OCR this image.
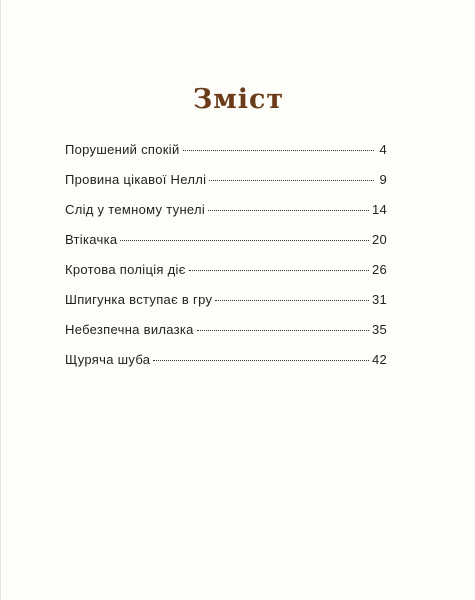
Зміст
Порушений спокій	4
Провина цікавої Неллі	9
Слід у темному тунелі	14
Втікачка	20
Кротова поліція діє	26
Шпигунка вступає в гру	31
Небезпечна вилазка	35
Щуряча шуба	42
